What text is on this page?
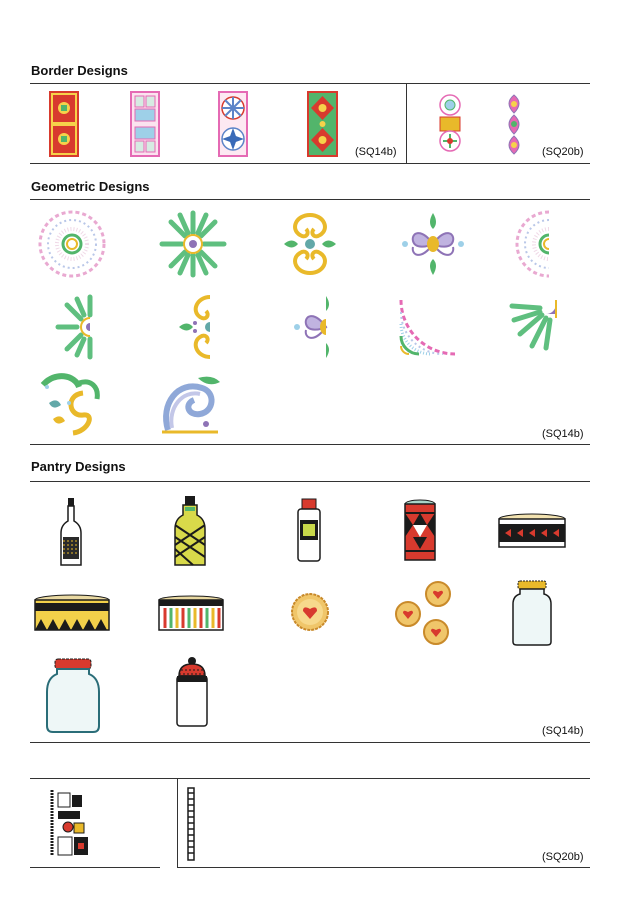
Border Designs
(SQ14b)	(SQ20b)
Geometric Designs
(SQ14b)
Pantry Designs
(SQ14b)
(SQ20b)
